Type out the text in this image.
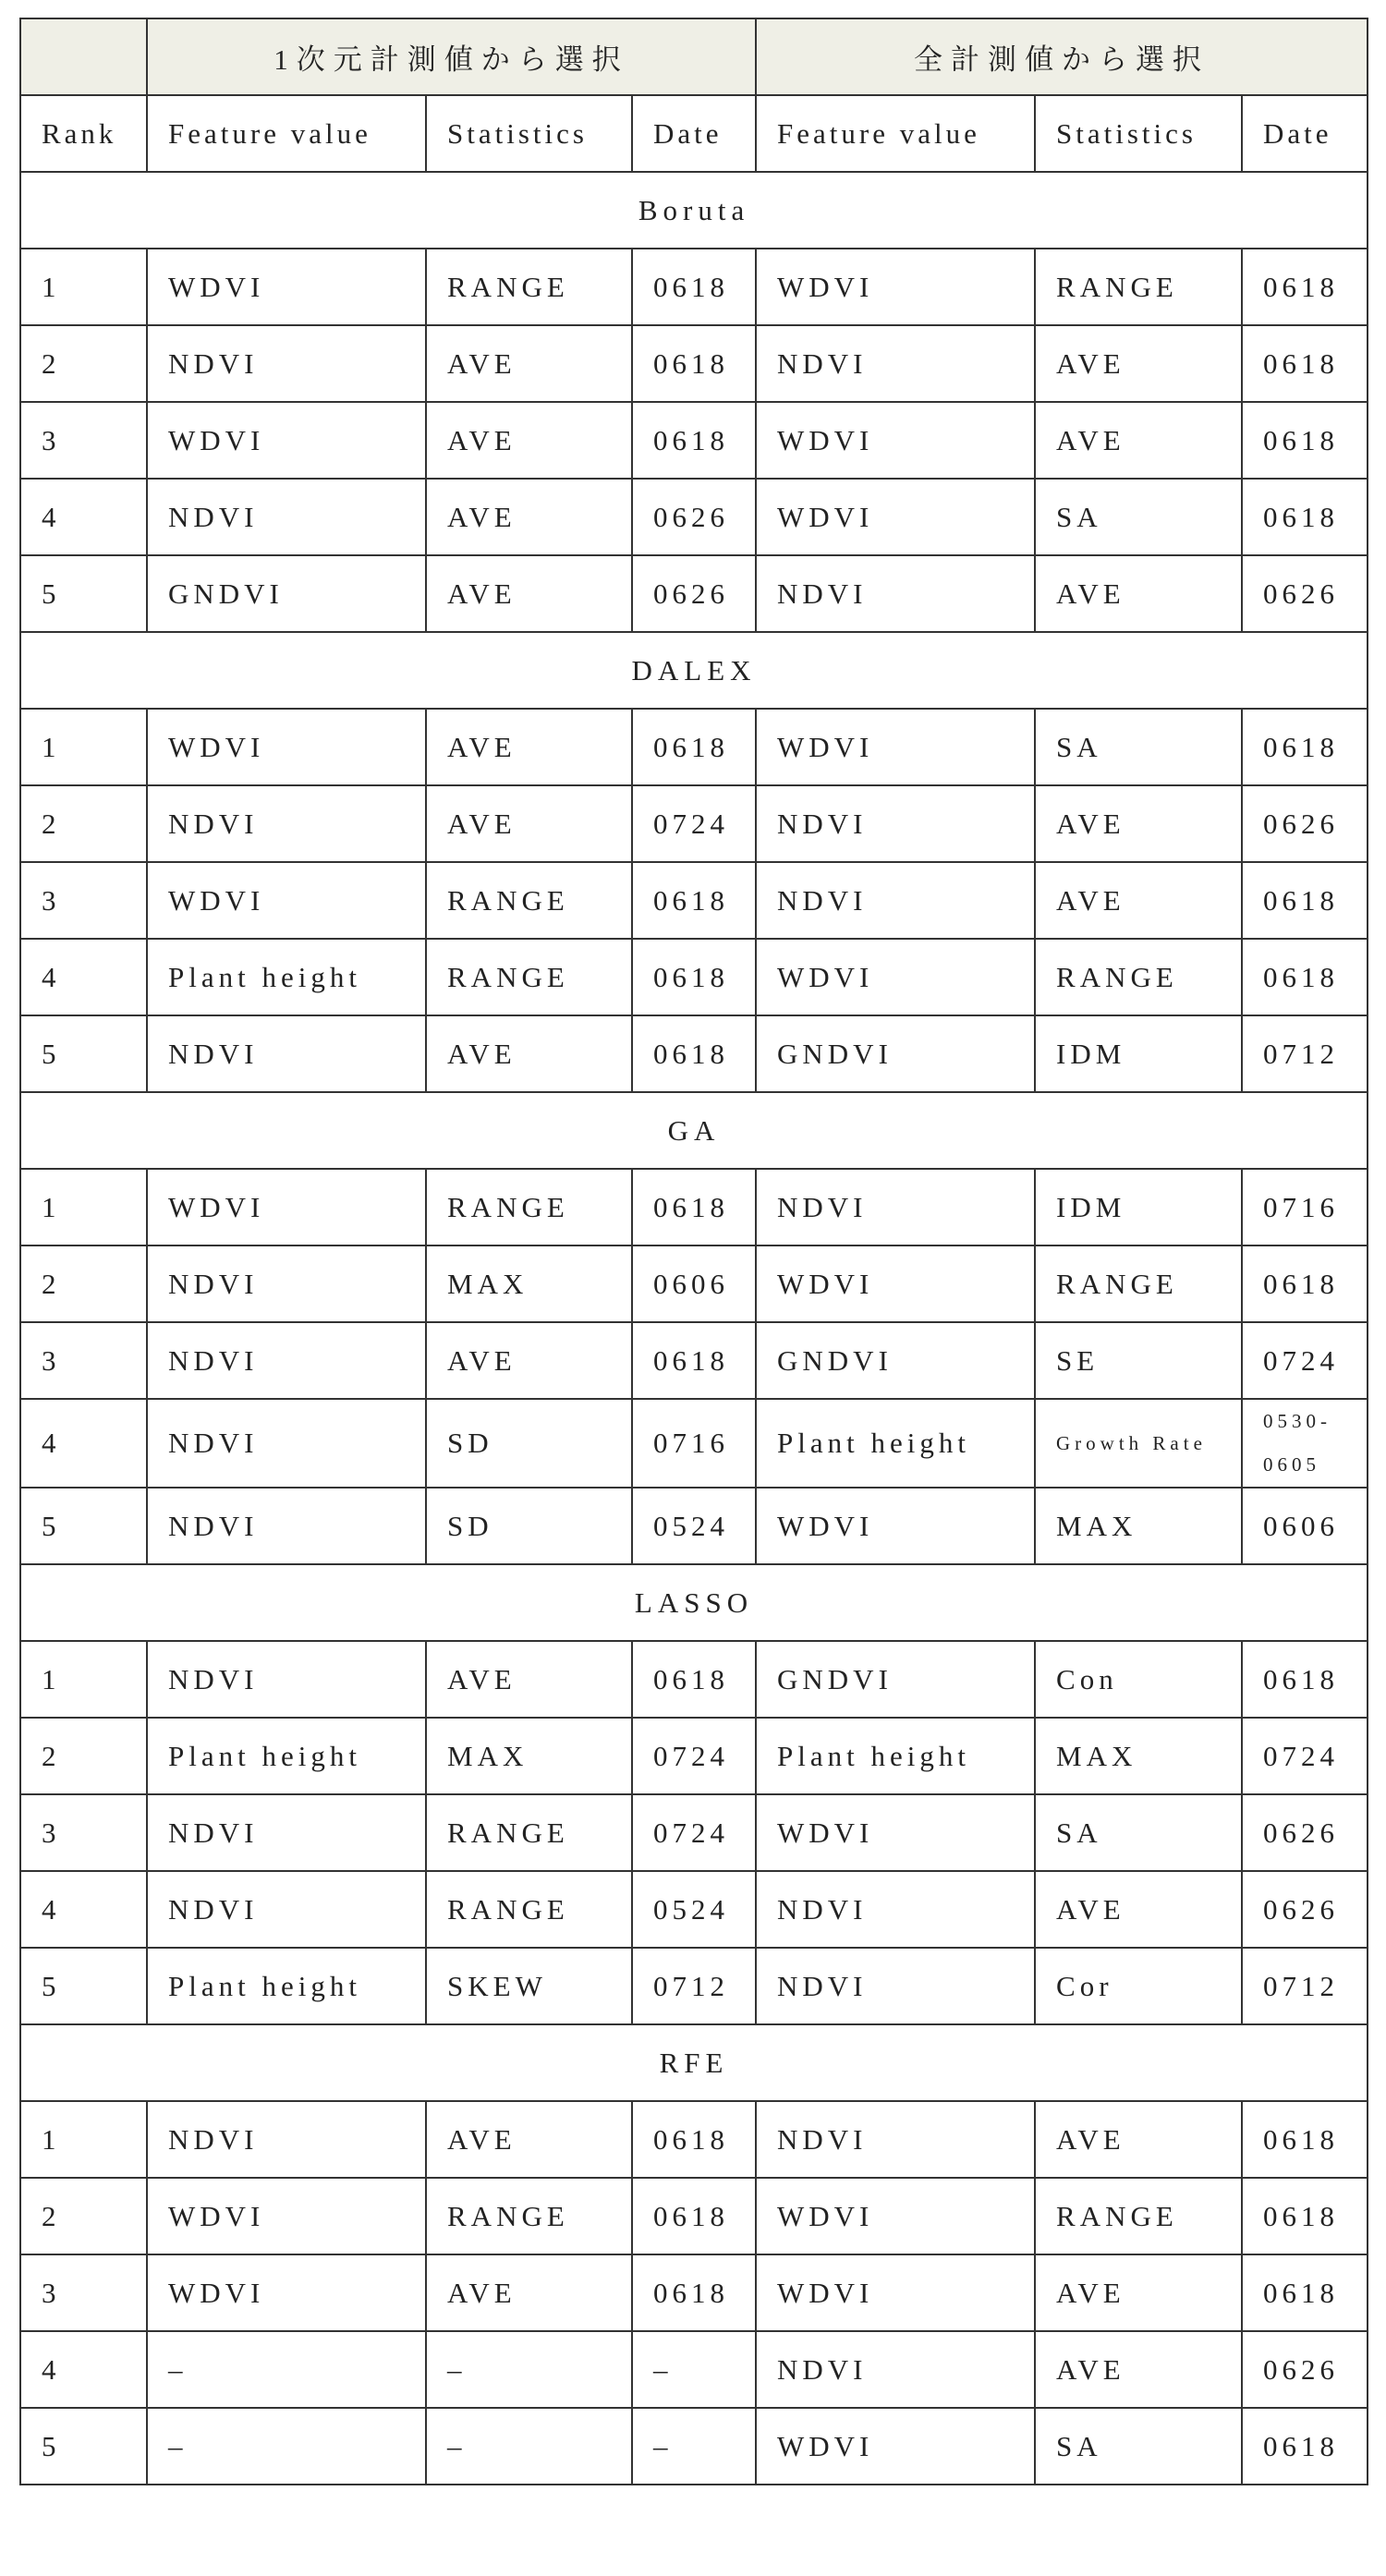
	1次元計測値から選択			全計測値から選択		
Rank	Feature value	Statistics	Date	Feature value	Statistics	Date
Boruta						
1	WDVI	RANGE	0618	WDVI	RANGE	0618
2	NDVI	AVE	0618	NDVI	AVE	0618
3	WDVI	AVE	0618	WDVI	AVE	0618
4	NDVI	AVE	0626	WDVI	SA	0618
5	GNDVI	AVE	0626	NDVI	AVE	0626
DALEX						
1	WDVI	AVE	0618	WDVI	SA	0618
2	NDVI	AVE	0724	NDVI	AVE	0626
3	WDVI	RANGE	0618	NDVI	AVE	0618
4	Plant height	RANGE	0618	WDVI	RANGE	0618
5	NDVI	AVE	0618	GNDVI	IDM	0712
GA						
1	WDVI	RANGE	0618	NDVI	IDM	0716
2	NDVI	MAX	0606	WDVI	RANGE	0618
3	NDVI	AVE	0618	GNDVI	SE	0724
4	NDVI	SD	0716	Plant height	Growth Rate	0530-0605
5	NDVI	SD	0524	WDVI	MAX	0606
LASSO						
1	NDVI	AVE	0618	GNDVI	Con	0618
2	Plant height	MAX	0724	Plant height	MAX	0724
3	NDVI	RANGE	0724	WDVI	SA	0626
4	NDVI	RANGE	0524	NDVI	AVE	0626
5	Plant height	SKEW	0712	NDVI	Cor	0712
RFE						
1	NDVI	AVE	0618	NDVI	AVE	0618
2	WDVI	RANGE	0618	WDVI	RANGE	0618
3	WDVI	AVE	0618	WDVI	AVE	0618
4	–	–	–	NDVI	AVE	0626
5	–	–	–	WDVI	SA	0618
